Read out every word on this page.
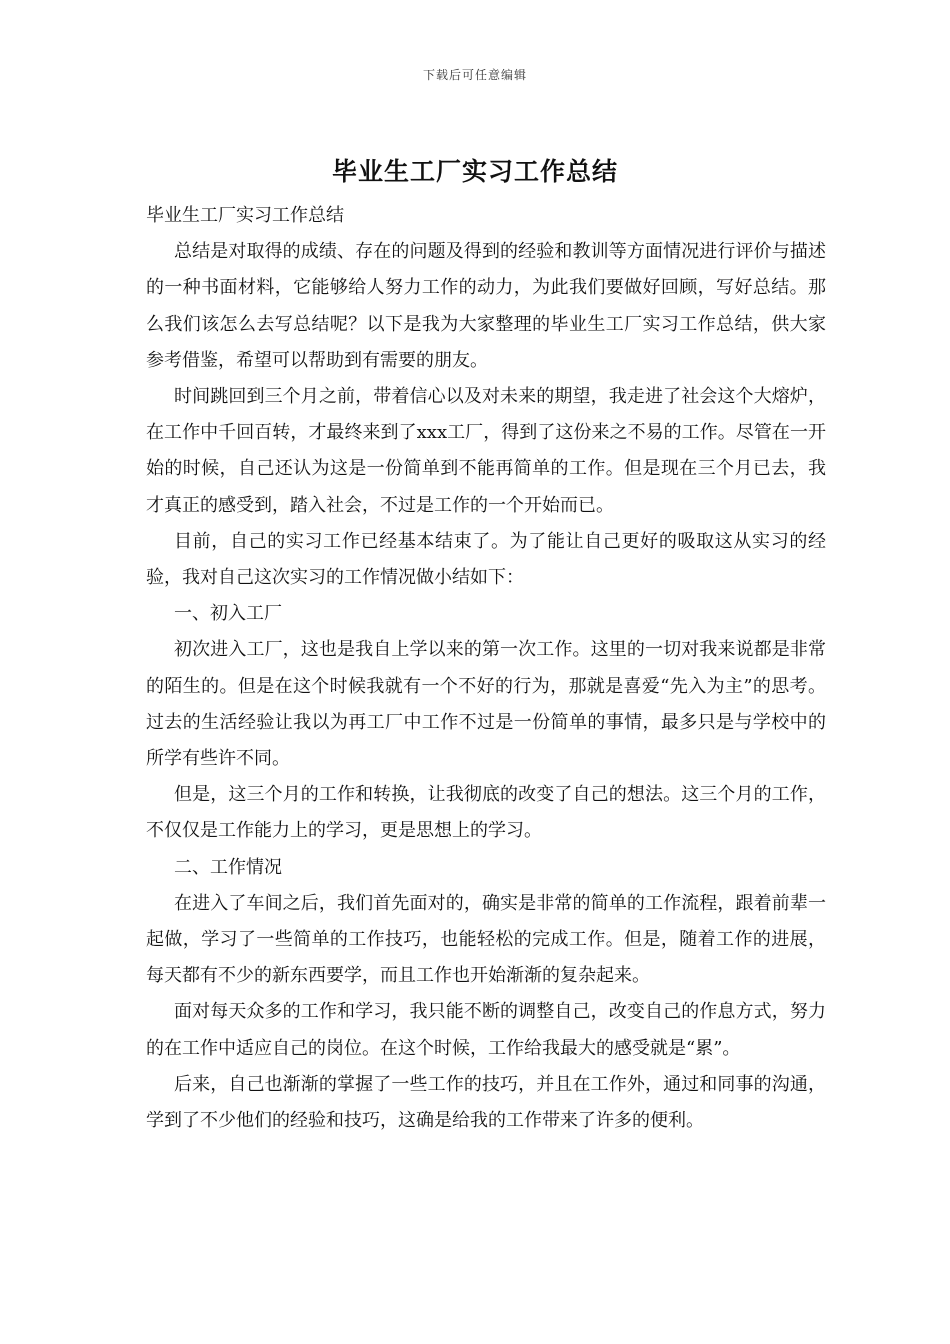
下载后可任意编辑
毕业生工厂实习工作总结

毕业生工厂实习工作总结

总结是对取得的成绩、存在的问题及得到的经验和教训等方面情况进行评价与描述的一种书面材料，它能够给人努力工作的动力，为此我们要做好回顾，写好总结。那么我们该怎么去写总结呢？以下是我为大家整理的毕业生工厂实习工作总结，供大家参考借鉴，希望可以帮助到有需要的朋友。

时间跳回到三个月之前，带着信心以及对未来的期望，我走进了社会这个大熔炉，在工作中千回百转，才最终来到了xxx工厂，得到了这份来之不易的工作。尽管在一开始的时候，自己还认为这是一份简单到不能再简单的工作。但是现在三个月已去，我才真正的感受到，踏入社会，不过是工作的一个开始而已。

目前，自己的实习工作已经基本结束了。为了能让自己更好的吸取这从实习的经验，我对自己这次实习的工作情况做小结如下：

一、初入工厂

初次进入工厂，这也是我自上学以来的第一次工作。这里的一切对我来说都是非常的陌生的。但是在这个时候我就有一个不好的行为，那就是喜爱“先入为主”的思考。过去的生活经验让我以为再工厂中工作不过是一份简单的事情，最多只是与学校中的所学有些许不同。

但是，这三个月的工作和转换，让我彻底的改变了自己的想法。这三个月的工作，不仅仅是工作能力上的学习，更是思想上的学习。

二、工作情况

在进入了车间之后，我们首先面对的，确实是非常的简单的工作流程，跟着前辈一起做，学习了一些简单的工作技巧，也能轻松的完成工作。但是，随着工作的进展，每天都有不少的新东西要学，而且工作也开始渐渐的复杂起来。

面对每天众多的工作和学习，我只能不断的调整自己，改变自己的作息方式，努力的在工作中适应自己的岗位。在这个时候，工作给我最大的感受就是“累”。

后来，自己也渐渐的掌握了一些工作的技巧，并且在工作外，通过和同事的沟通，学到了不少他们的经验和技巧，这确是给我的工作带来了许多的便利。
